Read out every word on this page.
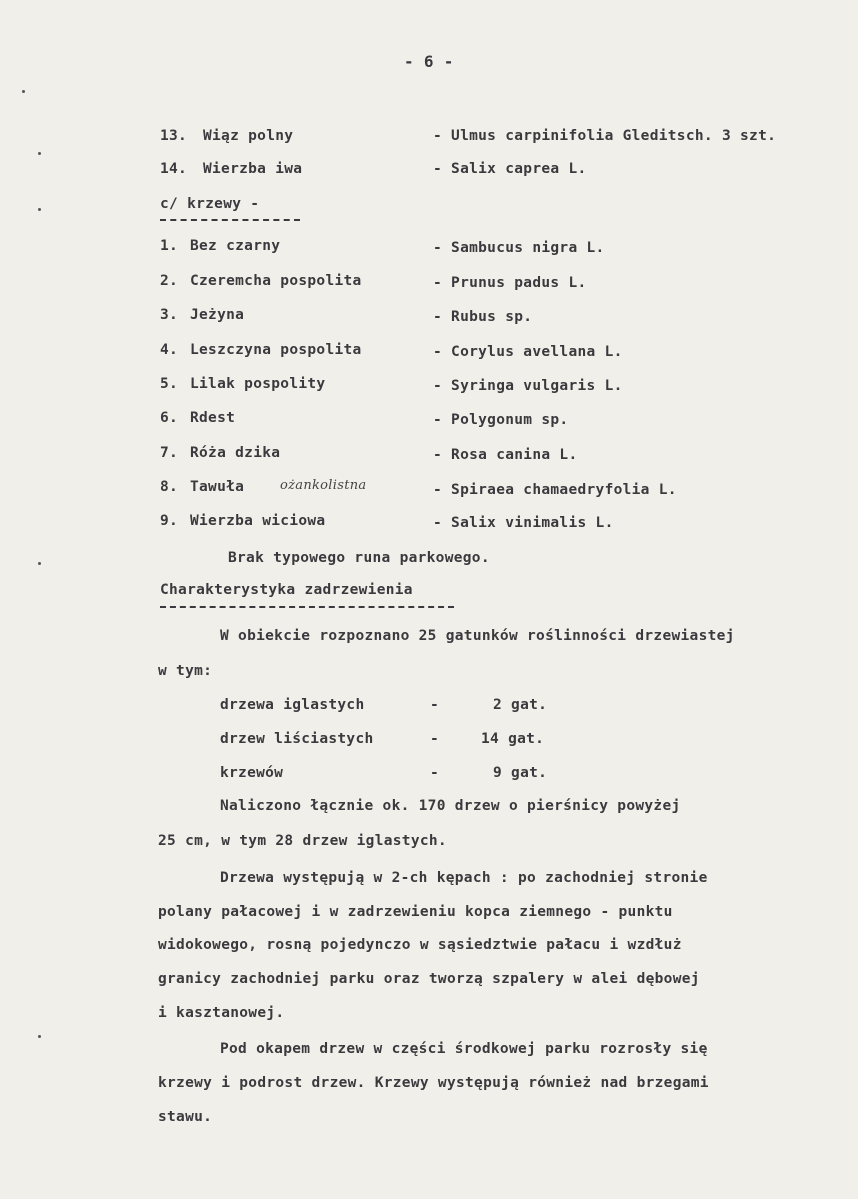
- 6 -
13. Wiąz polny	- Ulmus carpinifolia Gleditsch. 3 szt.
14. Wierzba iwa	- Salix caprea L.
c/ krzewy -
1. Bez czarny	- Sambucus nigra L.
2. Czeremcha pospolita	- Prunus padus L.
3. Jeżyna	- Rubus sp.
4. Leszczyna pospolita	- Corylus avellana L.
5. Lilak pospolity	- Syringa vulgaris L.
6. Rdest	- Polygonum sp.
7. Róża dzika	- Rosa canina L.
8. Tawuła	ożankolistna	- Spiraea chamaedryfolia L.
9. Wierzba wiciowa	- Salix vinimalis L.
Brak typowego runa parkowego.
Charakterystyka zadrzewienia
W obiekcie rozpoznano 25 gatunków roślinności drzewiastej
w tym:
drzewa iglastych	-	2 gat.
drzew liściastych	-	14 gat.
krzewów	-	9 gat.
Naliczono łącznie ok. 170 drzew o pierśnicy powyżej
25 cm, w tym 28 drzew iglastych.
Drzewa występują w 2-ch kępach : po zachodniej stronie
polany pałacowej i w zadrzewieniu kopca ziemnego - punktu
widokowego, rosną pojedynczo w sąsiedztwie pałacu i wzdłuż
granicy zachodniej parku oraz tworzą szpalery w alei dębowej
i kasztanowej.
Pod okapem drzew w części środkowej parku rozrosły się
krzewy i podrost drzew. Krzewy występują również nad brzegami
stawu.
